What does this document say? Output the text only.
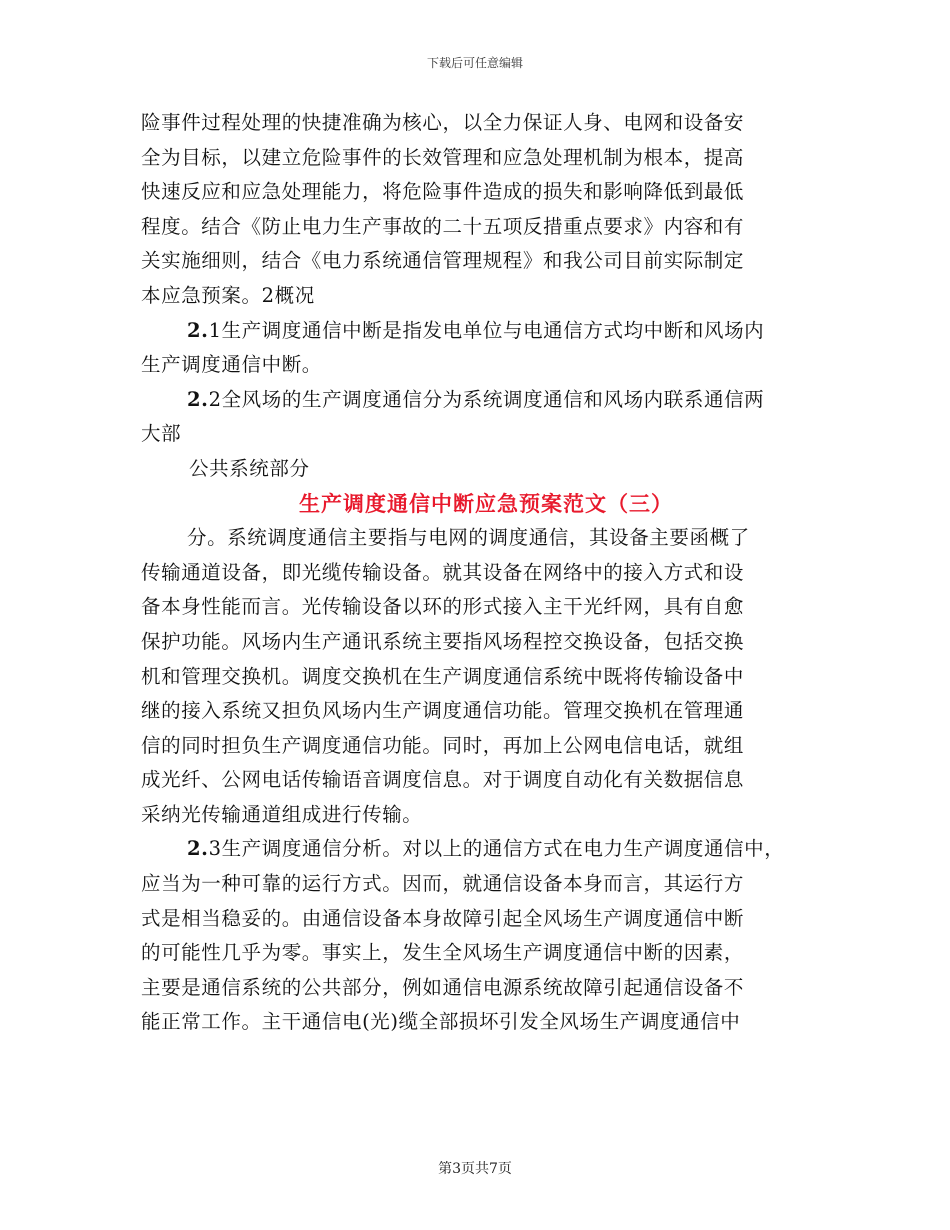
下载后可任意编辑
险事件过程处理的快捷准确为核心，以全力保证人身、电网和设备安
全为目标，以建立危险事件的长效管理和应急处理机制为根本，提高
快速反应和应急处理能力，将危险事件造成的损失和影响降低到最低
程度。结合《防止电力生产事故的二十五项反措重点要求》内容和有
关实施细则，结合《电力系统通信管理规程》和我公司目前实际制定
本应急预案。2概况
2.1生产调度通信中断是指发电单位与电通信方式均中断和风场内
生产调度通信中断。
2.2全风场的生产调度通信分为系统调度通信和风场内联系通信两
大部
公共系统部分
生产调度通信中断应急预案范文（三）
分。系统调度通信主要指与电网的调度通信，其设备主要函概了
传输通道设备，即光缆传输设备。就其设备在网络中的接入方式和设
备本身性能而言。光传输设备以环的形式接入主干光纤网，具有自愈
保护功能。风场内生产通讯系统主要指风场程控交换设备，包括交换
机和管理交换机。调度交换机在生产调度通信系统中既将传输设备中
继的接入系统又担负风场内生产调度通信功能。管理交换机在管理通
信的同时担负生产调度通信功能。同时，再加上公网电信电话，就组
成光纤、公网电话传输语音调度信息。对于调度自动化有关数据信息
采纳光传输通道组成进行传输。
2.3生产调度通信分析。对以上的通信方式在电力生产调度通信中，
应当为一种可靠的运行方式。因而，就通信设备本身而言，其运行方
式是相当稳妥的。由通信设备本身故障引起全风场生产调度通信中断
的可能性几乎为零。事实上，发生全风场生产调度通信中断的因素，
主要是通信系统的公共部分，例如通信电源系统故障引起通信设备不
能正常工作。主干通信电(光)缆全部损坏引发全风场生产调度通信中
第3页共7页
